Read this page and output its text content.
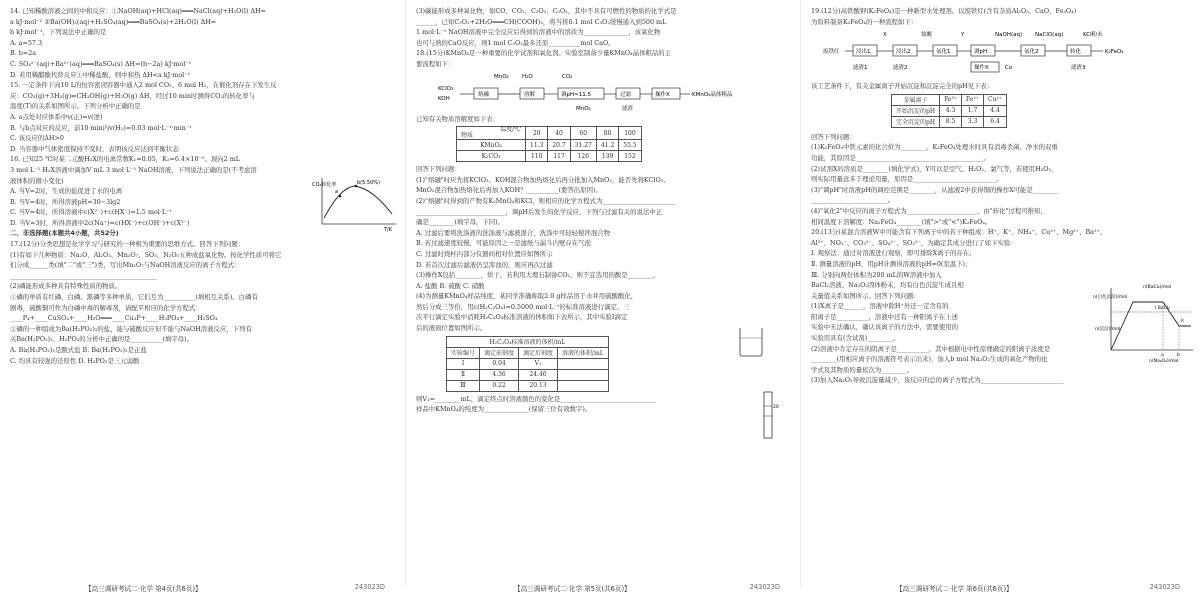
14. 已知稀酸溶液之间的中和反应：①NaOH(aq)+HCl(aq)═══NaCl(aq)+H₂O(l) ΔH=
a kJ·mol⁻¹ ②Ba(OH)₂(aq)+H₂SO₄(aq)═══BaSO₄(s)+2H₂O(l) ΔH=
b kJ·mol⁻¹，下列说法中正确的是
A. a=57.3
B. b=2a
C. SO₄²⁻(aq)+Ba²⁺(aq)═══BaSO₄(s) ΔH=(b−2a) kJ·mol⁻¹
D. 若用稀醋酸代替反应①中稀盐酸，则中和热 ΔH<a kJ·mol⁻¹
15. 一定条件下向10 L的恒容密闭容器中通入2 mol CO₂、6 mol H₂，在催化剂存在下发生反
应：CO₂(g)+3H₂(g)⇌CH₃OH(g)+H₂O(g) ΔH，经过10 min时测得CO₂的转化率与
温度(T)的关系如图所示。下列分析中正确的是
A. a点处对应体系中v(正)=v(逆)
B. 与b点对应的反应，前10 min内v(H₂)=0.03 mol·L⁻¹·min⁻¹
C. 该反应的ΔH>0
D. 当容器中气体密度保持不变时，表明该反应达到平衡状态
16. 已知25 ℃时某二元酸H₂X的电离常数K₁=0.05，K₂=6.4×10⁻⁵。现向2 mL
3 mol·L⁻¹ H₂X溶液中滴加V mL 3 mol·L⁻¹ NaOH溶液，下列说法正确的是(不考虑溶
液体积的微小变化)
A. 当V=2时，生成的盐促进了水的电离
B. 当V=4时，所得溶液pH=30−3lg2
C. 当V=4时，所得溶液中c(X²⁻)+c(HX⁻)=1.5 mol·L⁻¹
D. 当V=3时，所得溶液中2c(Na⁺)=c(HX⁻)+c(OH⁻)+c(X²⁻)
二、非选择题(本题共4小题，共52分)
17.(12分)分类思想是化学学习与研究的一种极为重要的思维方式。回答下列问题：
(1)有如下几种物质：Na₂O、Al₂O₃、Mn₂O₇、SO₃、N₂O₅五种成盐氧化物。按化学性质可将它
们分成______类(填"二"或"三")类，写出Mn₂O₇与NaOH溶液反应的离子方程式：
______________________________________________
(2)磷能形成多种具有特殊性质的物质。
①磷的单质有红磷、白磷、黑磷等多种单质，它们互为__________(填相互关系)。白磷有
剧毒，硫酸铜可作为白磷中毒的解毒剂，请配平相应的化学方程式：
____P₄+____CuSO₄+____H₂O═══____Cu₃P+____H₃PO₄+____H₂SO₄
②磷的一种组成为Ba(H₂PO₂)₂的盐，能与硫酸反应但不能与NaOH溶液反应，下列有
关Ba(H₂PO₂)₂、H₃PO₂的分析中正确的是__________(填字母)。
A. Ba(H₂PO₂)₂是酸式盐 B. Ba(H₂PO₂)₂是正盐
C. 均具有较强的还原性 D. H₃PO₂是三元弱酸
CO₂转化率
a
b(5.50%)
T/K
【高三调研考试二·化学 第4页(共6页)】	243023D
(3)碳能形成多种氧化物，如CO、CO₂、C₃O₂、C₅O₂，其中不具有可燃性的物质的化学式是
______，已知C₃O₂+2H₂O═══CH(COOH)₂，将当将0.1 mol C₃O₂缓慢通入到500 mL
1 mol·L⁻¹ NaOH溶液中完全反应后得到的溶液中的溶质为______________，该氧化物
也可与熟的CaO反应，则1 mol C₃O₂最多还原__________mol CaO。
18.(15分)KMnO₄是一种重要的化学试剂和氧化剂。实验室制备少量KMnO₄晶体粗品的主
要流程如下：
KClO₃
KOH
熔融
MnO₂ H₂O
溶解
CO₂
调pH≈11.5	过滤
MnO₂	滤渣
操作X	KMnO₄晶体粗品
已知有关物质溶解度如下表：
温度/℃
物质	20	40	60	80	100
KMnO₄	11.3	20.7	31.27	41.2	55.5
K₂CO₃	110	117	126	139	152
回答下列问题：
(1)"熔融"时应先将KClO₃、KOH混合物加热熔化后再分批加入MnO₂，能否先将KClO₃、
MnO₂混合物加热熔化后再加入KOH？__________(要答出原因)。
(2)"熔融"时得到的产物有K₂MnO₄和KCl，则相应的化学方程式为_______________________
____________________________，调pH后发生的化学反应，下列与过滤有关的说法中正
确是________(填字母，下同)。
A. 过滤后要将洗涤液的洗涤液与滤液混合，洗涤中可轻轻搅拌混合物
B. 若过滤速度较慢，可能原因之一是滤纸与漏斗内壁存在气泡
C. 过滤时烧杯内部分仪器间相对位置应如图所示
D. 若首次过滤后滤液仍呈浑浊的，则应再次过滤
(3)操作X包括________，烘干，若利用大理石制备CO₂，则不宜选用的酸是________。
A. 盐酸 B. 硫酸 C. 硝酸
(4)为测量KMnO₄样品纯度，某同学准确称取2.0 g样品溶于水并用硫酸酸化，
然后分成三等份，用c(H₂C₂O₄)=0.5000 mol·L⁻¹的标准溶液进行滴定。三
次平行滴定实验中消耗H₂C₂O₄标准溶液的体积如下表所示，其中实验Ⅰ滴定
后的液面位置如图所示。
H₂C₂O₄标准溶液的体积/mL			
实验编号	滴定前刻度	滴定后刻度	溶液的体积/mL
Ⅰ	0.04	V₁	
Ⅱ	4.36	24.46	
Ⅲ	0.22	20.13	
则V₁=________mL，滴定终点时溶液颜色的变化是______________________________
样品中KMnO₄的纯度为______________(保留三位有效数字)。	20
【高三调研考试二·化学 第5页(共6页)】	243023D
19.(12分)高铁酸钾(K₂FeO₄)是一种新型水处理剂。以废铁红(含有杂质Al₂O₃、CaO、Fe₃O₄)
为原料制备K₂FeO₄的一种流程如下：
废铁红	浸出1
X
浸出2
盐酸
氧化1
Y
调pH
NaOH(aq)
氧化2
NaClO(aq)
转化
KCl粉末
K₂FeO₄
滤渣1	滤渣2	操作X	Co	滤渣3
该工艺条件下，有关金属离子开始沉淀和沉淀完全的pH见下表：
金属离子	Fe³⁺	Fe²⁺	Cu²⁺
开始沉淀的pH	4.3	1.7	4.4
完全沉淀的pH	8.5	3.3	6.4
回答下列问题：
(1)K₂FeO₄中铁元素的化合价为________，K₂FeO₄处理水时具有消毒杀菌、净水的双重
功能，其原因是________________________________________。
(2)试剂X的溶质是________(填化学式)，Y可以是空气、H₂O₂、氯气等，若使用H₂O₂，
则实际用量远多于理论用量，原因是__________________________。
(3)"调pH"时溶液pH的调控范围是________，从滤液2中获得铜的操作X可能是________
________________________。
(4)"氧化2"中反应的离子方程式为______________________，由"转化"过程可推知，
相同温度下溶解度：Na₂FeO₄________(填">"或"<")K₂FeO₄。
20.(13分)某混合溶液W中可能含有下列离子中的若干种组成：H⁺、K⁺、NH₄⁺、Cu²⁺、Mg²⁺、Ba²⁺、
Al³⁺、NO₃⁻、CO₃²⁻、SO₄²⁻、SO₃²⁻，为确定其成分进行了如下实验：
Ⅰ. 观察法：通过对溶液进行观察，即可排除X离子的存在；
Ⅱ. 测量溶液的pH，用pH计测得溶液的pH=0(室温下)；
Ⅲ. 分别向两份体积为200 mL的W溶液中加入
BaCl₂溶液、Na₂O₂固体粉末，均有白色沉淀生成且相
关量值关系如图所示。回答下列问题：
(1)X离子是______，溶液中除H⁺外还一定含有的
阳离子是__________，溶液中还有一种阳离子在上述
实验中无法确认，确认该离子的方法中，需要使用的
实验用具有(含试剂)________。
(2)溶液中肯定存在的阴离子是__________，其中根据电中性原理确定的阳离子浓度是
________(用相应离子的溶液符号表示出来)，加入b mol Na₂O₂生成的氧化产物的化
学式及其物质的量依次为________。
(3)加入Na₂O₂导致沉淀量减少，该反应的总的离子方程式为__________________________
n(BaCl₂)/mol
n(白色沉淀)/mol
I BaCl₂
II
a	b
n(Na₂O₂)/mol
n(沉淀)/mol
【高三调研考试二·化学 第6页(共6页)】	243023D
